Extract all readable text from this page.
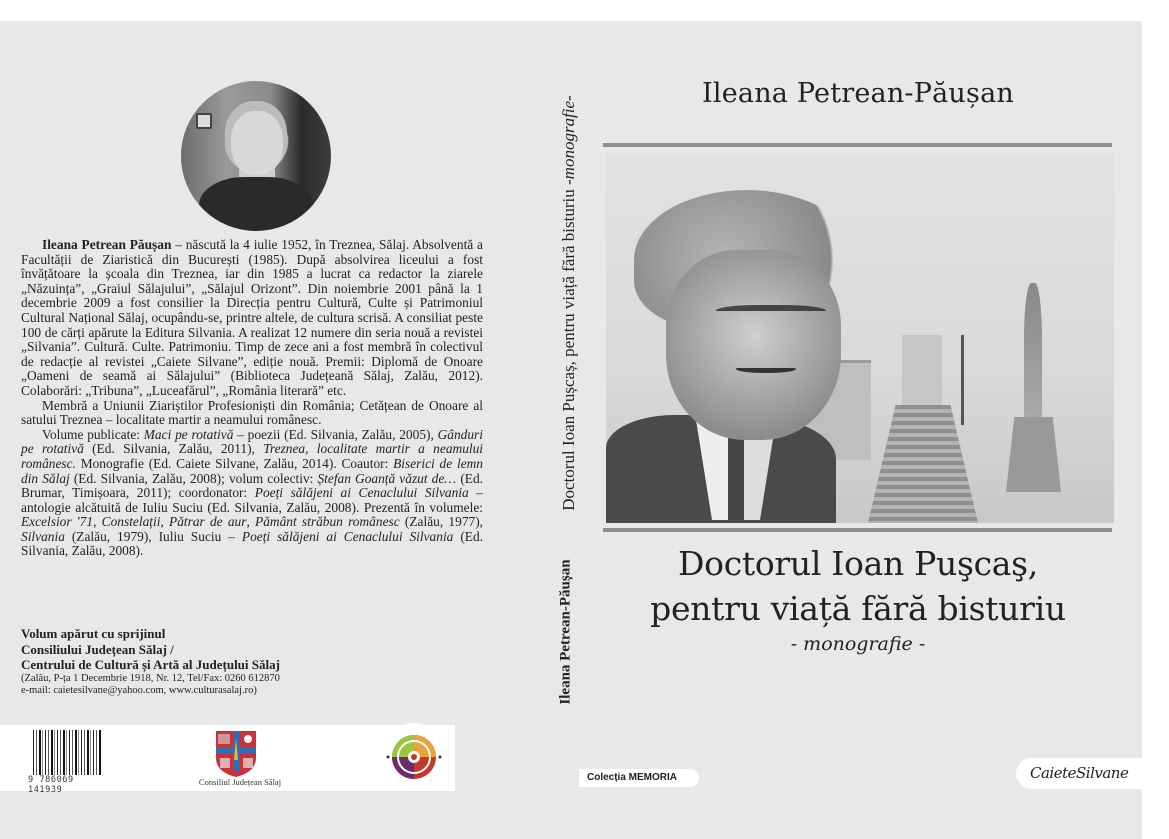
Ileana Petrean Păușan – născută la 4 iulie 1952, în Treznea, Sălaj. Absolventă a Facultății de Ziaristică din București (1985). După absolvirea liceului a fost învățătoare la școala din Treznea, iar din 1985 a lucrat ca redactor la ziarele „Năzuința”, „Graiul Sălajului”, „Sălajul Orizont”. Din noiembrie 2001 până la 1 decembrie 2009 a fost consilier la Direcția pentru Cultură, Culte și Patrimoniul Cultural Național Sălaj, ocupându-se, printre altele, de cultura scrisă. A consiliat peste 100 de cărți apărute la Editura Silvania. A realizat 12 numere din seria nouă a revistei „Silvania”. Cultură. Culte. Patrimoniu. Timp de zece ani a fost membră în colectivul de redacție al revistei „Caiete Silvane”, ediție nouă. Premii: Diplomă de Onoare „Oameni de seamă ai Sălajului” (Biblioteca Județeană Sălaj, Zalău, 2012). Colaborări: „Tribuna”, „Luceafărul”, „România literară” etc.

Membră a Uniunii Ziariștilor Profesioniști din România; Cetățean de Onoare al satului Treznea – localitate martir a neamului românesc.

Volume publicate: Maci pe rotativă – poezii (Ed. Silvania, Zalău, 2005), Gânduri pe rotativă (Ed. Silvania, Zalău, 2011), Treznea, localitate martir a neamului românesc. Monografie (Ed. Caiete Silvane, Zalău, 2014). Coautor: Biserici de lemn din Sălaj (Ed. Silvania, Zalău, 2008); volum colectiv: Ștefan Goanță văzut de… (Ed. Brumar, Timișoara, 2011); coordonator: Poeți sălăjeni ai Cenaclului Silvania – antologie alcătuită de Iuliu Suciu (Ed. Silvania, Zalău, 2008). Prezentă în volumele: Excelsior '71, Constelații, Pătrar de aur, Pământ străbun românesc (Zalău, 1977), Silvania (Zalău, 1979), Iuliu Suciu – Poeți sălăjeni ai Cenaclului Silvania (Ed. Silvania, Zalău, 2008).

Volum apărut cu sprijinul
Consiliului Județean Sălaj /
Centrului de Cultură și Artă al Județului Sălaj
(Zalău, P-ța 1 Decembrie 1918, Nr. 12, Tel/Fax: 0260 612870
e-mail: caietesilvane@yahoo.com, www.culturasalaj.ro)
9 786069 141939
Consiliul Județean Sălaj
Doctorul Ioan Pușcaș, pentru viață fără bisturiu -monografie-
Ileana Petrean-Păușan
Ileana Petrean-Păușan
Doctorul Ioan Puşcaş,
pentru viață fără bisturiu
- monografie -
Colecția MEMORIA	CaieteSilvane
